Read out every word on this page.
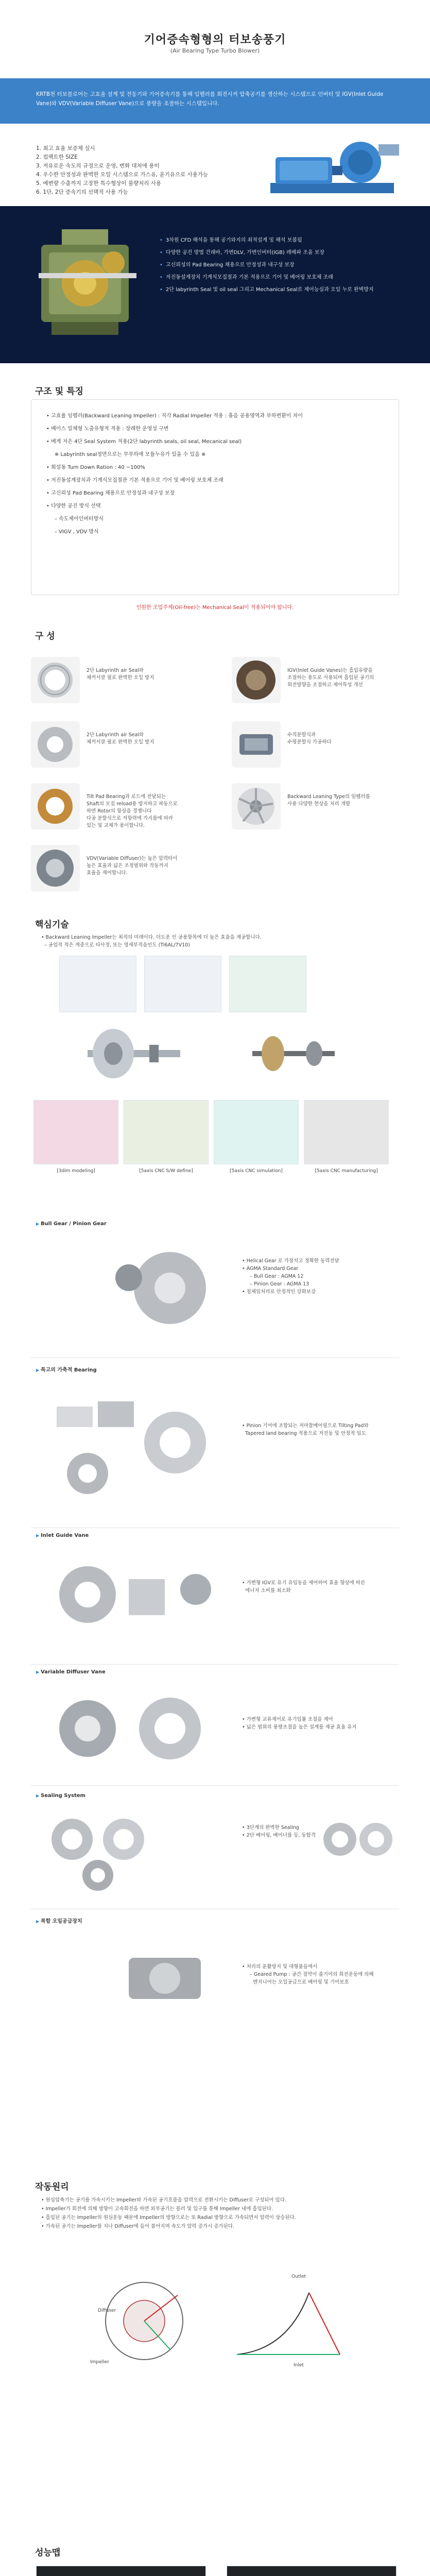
기어증속형형의 터보송풍기
(Air Bearing Type Turbo Blower)

KRTB천 터보블로어는 고효율 설계 및 전동기와 기어증속기를 통해 임펠러를 회전시켜 압축공기를 생산하는 시스템으로 인버터 및 IGV(Inlet Guide Vane)와 VDV(Variable Diffuser Vane)으로 풍량을 조절하는 시스템입니다.

1. 최고 효율 보증제 실시
2. 컴팩트한 SIZE
3. 저유로운 속도의 규정으로 운영, 변화 대처에 용이
4. 우수한 안정성과 완벽한 오일 시스템으로 가스유, 윤기유으로 사용가능
5. 예변량 수출까지 고장한 특수형상이 불량처리 사용
6. 1단, 2단 증속기의 선택적 사용 가능
• 3차원 CFD 해석을 통해 공기와지의 최적설계 및 해석 보볼됨
• 다양한 공진 방법 건래바, 가변DLV, 가변인버터(IGB) 레베파 조을 보장
• 고신뢰성의 Pad Bearing 채용으로 안정성과 내구성 보장
• 저진동설계장치 기계식모집절과 기본 적용으로 기어 및 베어링 보호체 조래
• 2단 labyrinth Seal 및 oil seal 그리고 Mechanical Seal로 제어능실과 오일 누로 완벽방지
구조 및 특징
• 고효율 임펠러(Backward Leaning Impeller) : 직각 Radial Impeller 적용 : 흡음 공용영역과 부하변환이 차이
• 베이스 일체형 노출유형적 적용 : 장례한 운영성 구변
• 베게 저은 4단 Seal System 적용(2단 labyrinth seals, oil seal, Mecanical seal)
※ Labyrinth seal정면으로는 무부하에 모듈누유가 있을 수 있음 ※
• 회설동 Turn Down Ration : 40 ~100%
• 저진동설계장치과 기계식모집절관 기본 적용으로 기어 및 베어링 보호체 조래
• 고신뢰성 Pad Bearing 채용으로 안정성과 내구성 보장
• 다양한 공진 방식 선택
– 속도제어인버터방식
– VIGV , VDV 방식
인원한 조업주제(Oil-free)는 Mechanical Seal이 적용되어야 합니다.
구 성
2단 Labyrinth air Seal와
체커서클 필로 완벽한 오일 방지
IGV(Inlet Guide Vanes)는 흡입유량을
조절하는 용도로 사용되며 흡입된 공기의
회전방향을 조절하고 제어특성 개선
2단 Labyrinth air Seal와
체커서클 필로 완벽한 오일 방지
수직분할식과
수평분할식 가공하다
Tilt Pad Bearing과 로드에 전달되는
Shaft의 모집 reload용 방지하고 파동으로
하면 Rotor의 항상을 경쟁니다
다공 분할식으로 저항력에 가지를에 따라
있는 및 교체가 용이합니다.
Backward Leaning Type의 임펠러를
사용 다양한 현상을 처리 개발
VDV(Variable Diffuser)는 높은 압력타이
높은 효율과 넓은 조정범위와 작동까지
효율을 제어합니다.
핵심기술
• Backward Leaning Impeller는 최적의 미래이다. 더도운 인 공용항목에 더 높은 효율을 제공합니다.
– 공업적 적은 게중으로 타사정, 또는 영세부적을인도 (Ti6AL/7V10)
[3dim modeling]	[5axis CNC S/W define]	[5axis CNC simulation]	[5axis CNC manufacturing]
▶ Bull Gear / Pinion Gear
• Helical Gear 로 가장치고 정확한 동력전달
• AGMA Standard Gear
– Bull Gear : AGMA 12
– Pinion Gear : AGMA 13
• 침체임처리로 안정적인 강화보강
▶ 특고의 가축적 Bearing
• Pinion 기어에 조합되는 저마찰베어링으로 Tilting Pad와
Tapered land bearing 적용으로 저진동 및 안정적 임도
▶ Inlet Guide Vane
• 가변형 IGV로 유기 유입동을 제어하여 효율 향상에 따른
에너지 소비를 최소화
▶ Variable Diffuser Vane
• 가변형 교류제어로 유기입률 조절을 제어
• 넓은 범위의 풍량조절을 높은 설계를 제공 효율 유지
▶ Sealing System
• 3단계의 완벽한 Sealing
• 2단 베어링, 베어너를 등, 동합격
▶ 복합 오일공급장치
• 처리의 윤활방지 및 대형품들에서
– Geared Pump : 공간 절약이 줄기어의 회전운동에 의해
엔지니어는 오일공급으로 베어링 및 기어보호
작동원리
• 원심압축기는 공기를 가속시키는 Impeller와 가속된 공기흐름을 압력으로 전환시키는 Diffuser로 구성되어 있다.
• Impeller가 회전에 의해 방향이 고속회전을 하면 외부공기는 블러 및 입구를 통해 Impeller 내에 흡입된다.
• 흡입된 공기는 Impeller의 원심운동 때문에 Impeller의 방향으로는 또 Radial 방향으로 가속되면서 압력이 상승된다.
• 가속된 공기는 Impeller를 지나 Diffuser에 들어 불어지며 속도가 압력 증가시 증가된다.
Impeller
Diffuser
Outlet
Inlet
성능맵
